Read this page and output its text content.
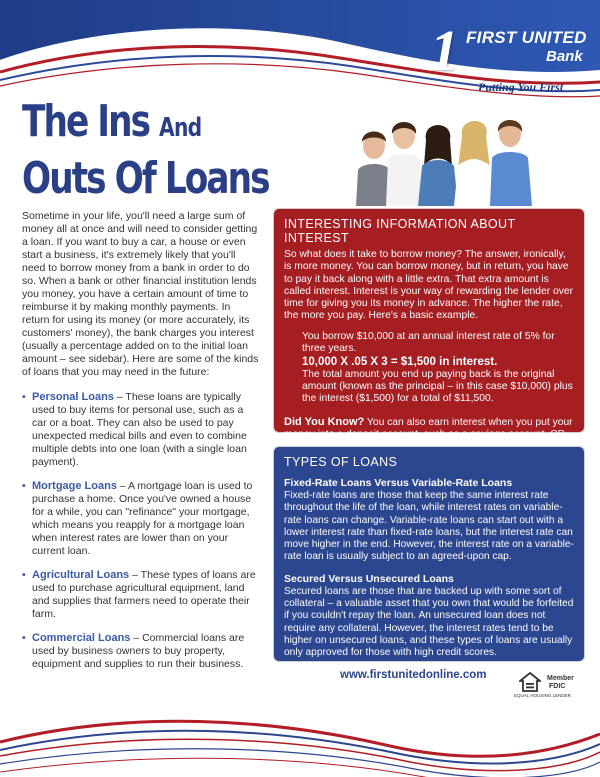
1 FIRST UNITED
Bank
Putting You First
The Ins And
Outs Of Loans

Sometime in your life, you'll need a large sum of money all at once and will need to consider getting a loan. If you want to buy a car, a house or even start a business, it's extremely likely that you'll need to borrow money from a bank in order to do so. When a bank or other financial institution lends you money, you have a certain amount of time to reimburse it by making monthly payments. In return for using its money (or more accurately, its customers' money), the bank charges you interest (usually a percentage added on to the initial loan amount – see sidebar). Here are some of the kinds of loans that you may need in the future:

• Personal Loans – These loans are typically used to buy items for personal use, such as a car or a boat. They can also be used to pay unexpected medical bills and even to combine multiple debts into one loan (with a single loan payment).
• Mortgage Loans – A mortgage loan is used to purchase a home. Once you've owned a house for a while, you can "refinance" your mortgage, which means you reapply for a mortgage loan when interest rates are lower than on your current loan.
• Agricultural Loans – These types of loans are used to purchase agricultural equipment, land and supplies that farmers need to operate their farm.
• Commercial Loans – Commercial loans are used by business owners to buy property, equipment and supplies to run their business.
INTERESTING INFORMATION ABOUT INTEREST

So what does it take to borrow money? The answer, ironically, is more money. You can borrow money, but in return, you have to pay it back along with a little extra. That extra amount is called interest. Interest is your way of rewarding the lender over time for giving you its money in advance. The higher the rate, the more you pay. Here's a basic example.

You borrow $10,000 at an annual interest rate of 5% for three years.

10,000 X .05 X 3 = $1,500 in interest.

The total amount you end up paying back is the original amount (known as the principal – in this case $10,000) plus the interest ($1,500) for a total of $11,500.

Did You Know? You can also earn interest when you put your money into a deposit account, such as a savings account, CD

TYPES OF LOANS
Fixed-Rate Loans Versus Variable-Rate Loans

Fixed-rate loans are those that keep the same interest rate throughout the life of the loan, while interest rates on variable-rate loans can change. Variable-rate loans can start out with a lower interest rate than fixed-rate loans, but the interest rate can move higher in the end. However, the interest rate on a variable-rate loan is usually subject to an agreed-upon cap.

Secured Versus Unsecured Loans

Secured loans are those that are backed up with some sort of collateral – a valuable asset that you own that would be forfeited if you couldn't repay the loan. An unsecured loan does not require any collateral. However, the interest rates tend to be higher on unsecured loans, and these types of loans are usually only approved for those with high credit scores.

www.firstunitedonline.com
EQUAL HOUSING LENDER
Member
FDIC
